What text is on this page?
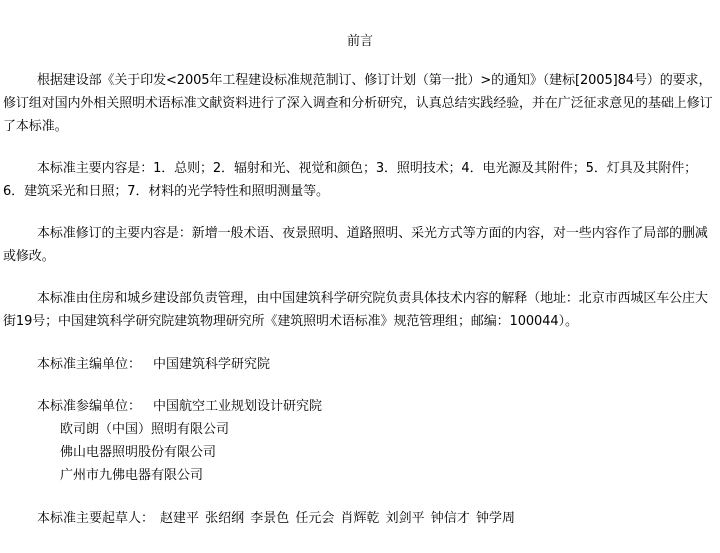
前言
根据建设部《关于印发<2005年工程建设标准规范制订、修订计划（第一批）>的通知》（建标[2005]84号）的要求，修订组对国内外相关照明术语标准文献资料进行了深入调查和分析研究，认真总结实践经验，并在广泛征求意见的基础上修订了本标准。
本标准主要内容是：1．总则；2．辐射和光、视觉和颜色；3．照明技术；4．电光源及其附件；5．灯具及其附件；6．建筑采光和日照；7．材料的光学特性和照明测量等。
本标准修订的主要内容是：新增一般术语、夜景照明、道路照明、采光方式等方面的内容，对一些内容作了局部的删减或修改。
本标准由住房和城乡建设部负责管理，由中国建筑科学研究院负责具体技术内容的解释（地址：北京市西城区车公庄大街19号；中国建筑科学研究院建筑物理研究所《建筑照明术语标准》规范管理组；邮编：100044）。
本标准主编单位： 中国建筑科学研究院
本标准参编单位： 中国航空工业规划设计研究院
欧司朗（中国）照明有限公司
佛山电器照明股份有限公司
广州市九佛电器有限公司
本标准主要起草人： 赵建平 张绍纲 李景色 任元会 肖辉乾 刘剑平 钟信才 钟学周
